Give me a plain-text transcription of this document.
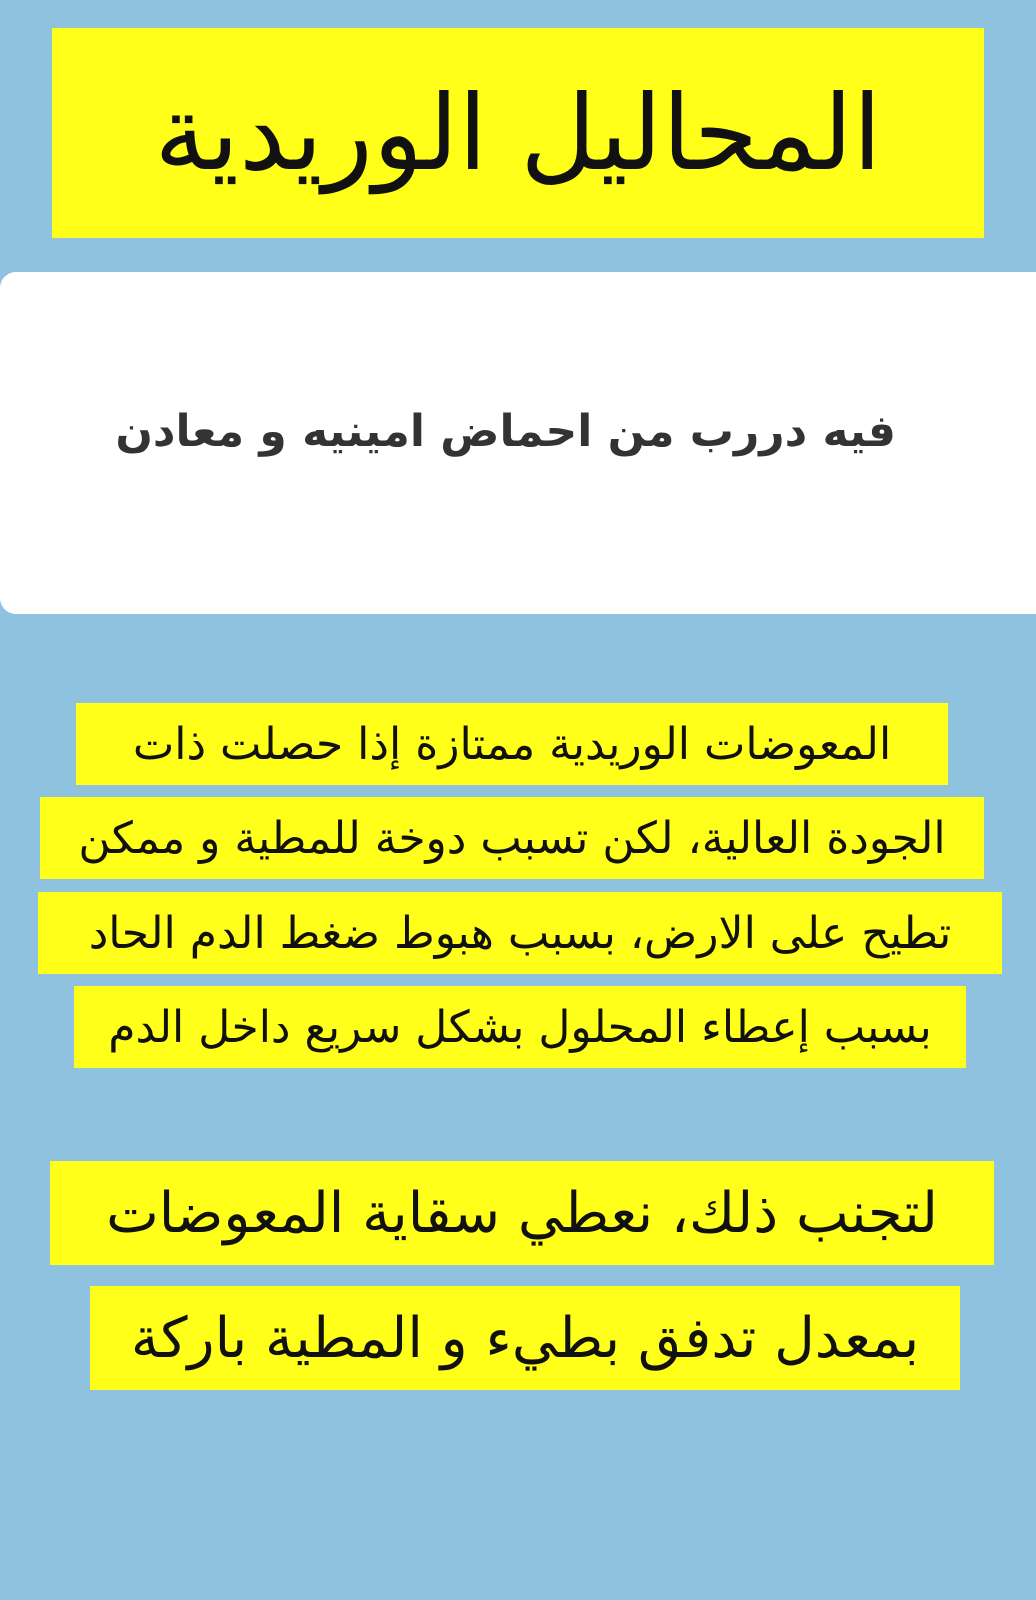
المحاليل الوريدية
فيه دررب من احماض امينيه و معادن
المعوضات الوريدية ممتازة إذا حصلت ذات
الجودة العالية، لكن تسبب دوخة للمطية و ممكن
تطيح على الارض، بسبب هبوط ضغط الدم الحاد
بسبب إعطاء المحلول بشكل سريع داخل الدم
لتجنب ذلك، نعطي سقاية المعوضات
بمعدل تدفق بطيء و المطية باركة
